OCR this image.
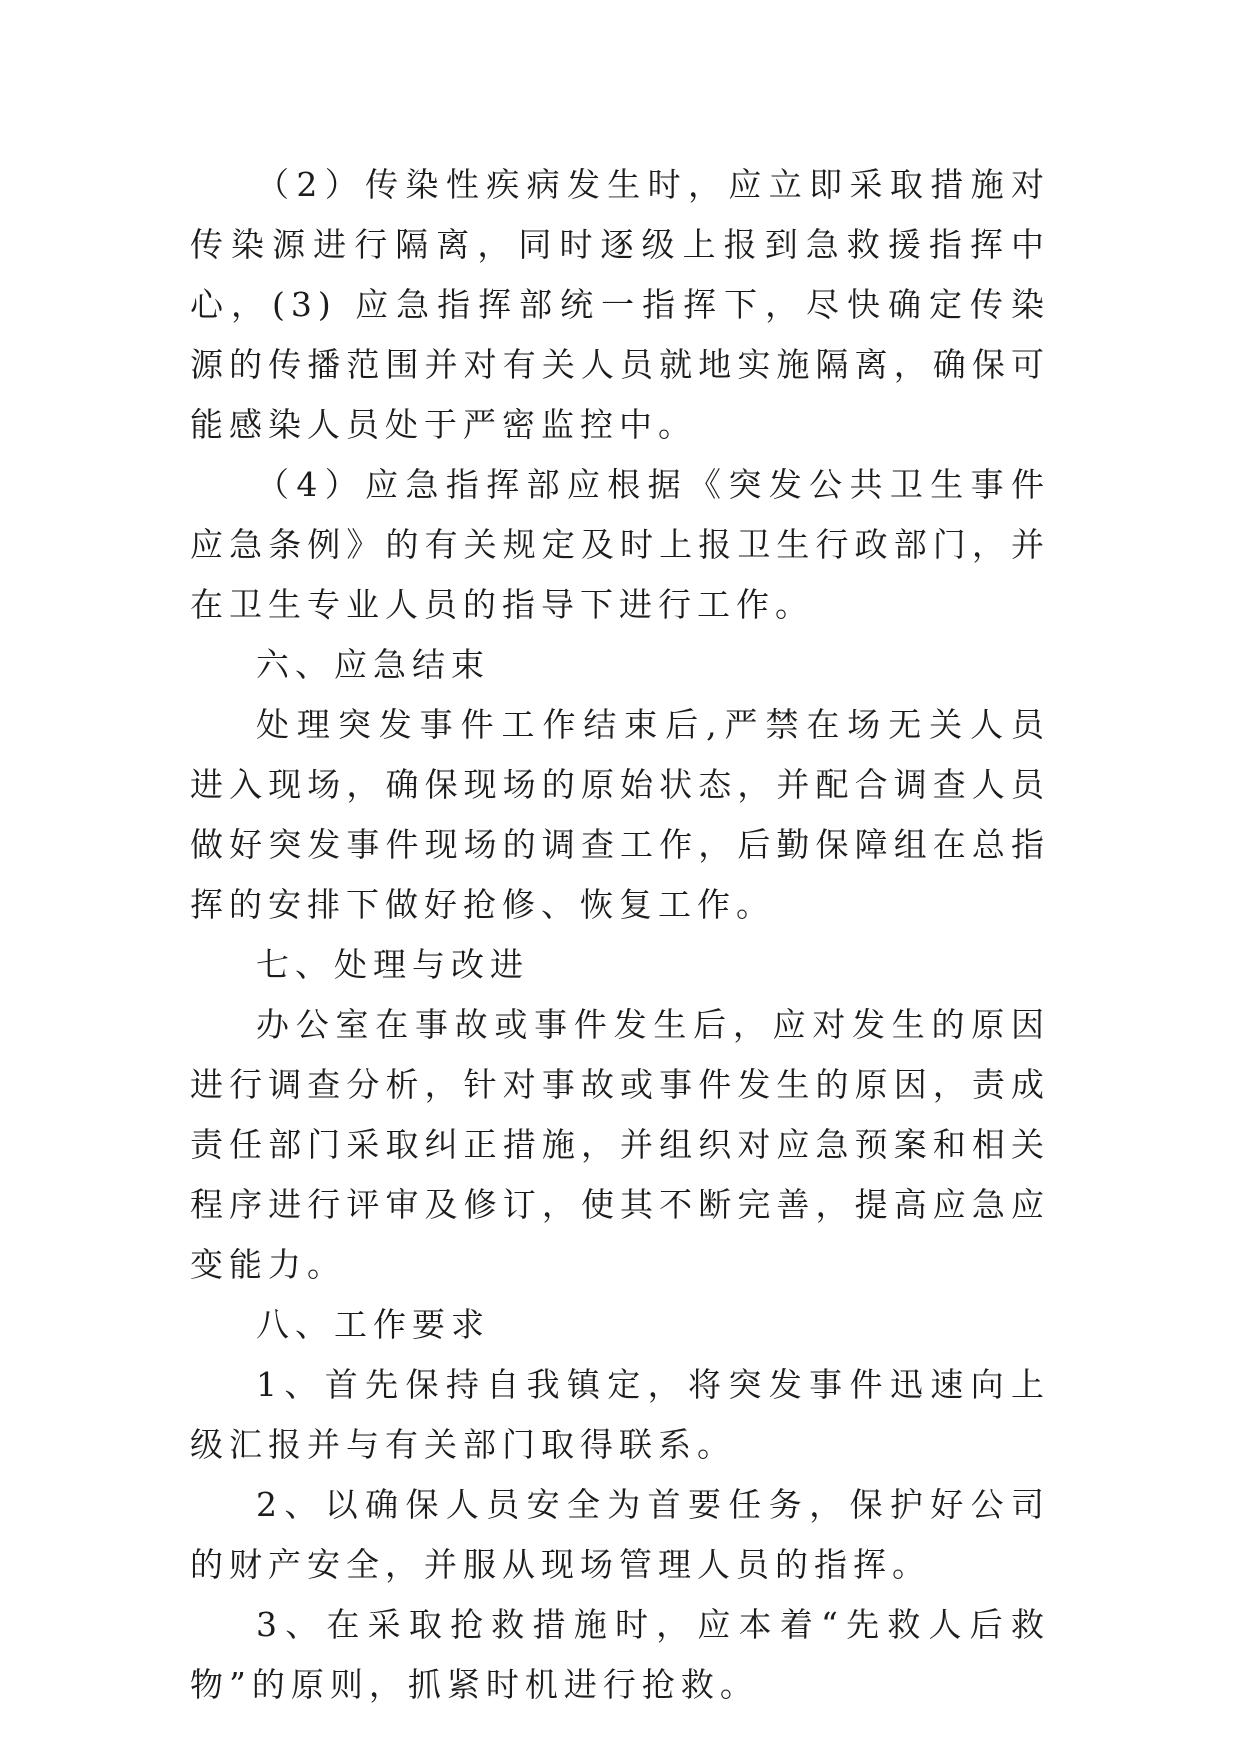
（2）传染性疾病发生时，应立即采取措施对传染源进行隔离，同时逐级上报到急救援指挥中心，(3) 应急指挥部统一指挥下，尽快确定传染源的传播范围并对有关人员就地实施隔离，确保可能感染人员处于严密监控中。

（4）应急指挥部应根据《突发公共卫生事件应急条例》的有关规定及时上报卫生行政部门，并在卫生专业人员的指导下进行工作。

六、应急结束

处理突发事件工作结束后,严禁在场无关人员进入现场，确保现场的原始状态，并配合调查人员做好突发事件现场的调查工作，后勤保障组在总指挥的安排下做好抢修、恢复工作。

七、处理与改进

办公室在事故或事件发生后，应对发生的原因进行调查分析，针对事故或事件发生的原因，责成责任部门采取纠正措施，并组织对应急预案和相关程序进行评审及修订，使其不断完善，提高应急应变能力。

八、工作要求

1、首先保持自我镇定，将突发事件迅速向上级汇报并与有关部门取得联系。

2、以确保人员安全为首要任务，保护好公司的财产安全，并服从现场管理人员的指挥。

3、在采取抢救措施时，应本着“先救人后救物”的原则，抓紧时机进行抢救。
